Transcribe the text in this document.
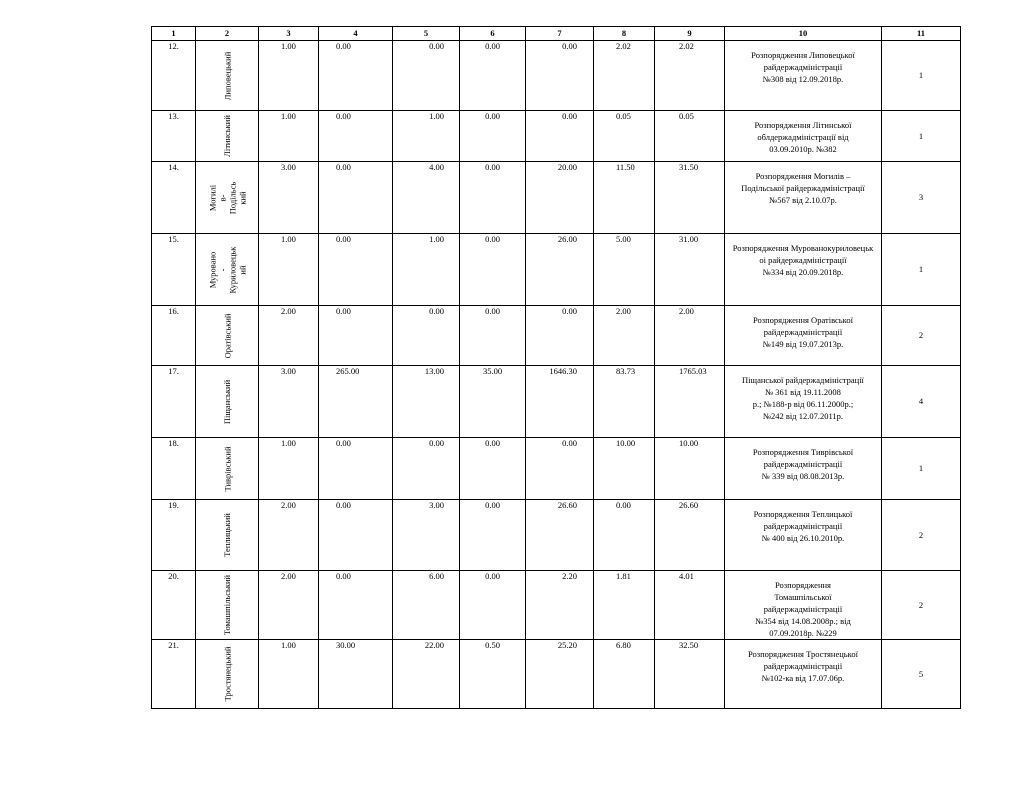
1	2	3	4	5	6	7	8	9	10	11
12.	Липовецький	1.00	0.00	0.00	0.00	0.00	2.02	2.02	Розпорядження Липовецької
райдержадміністрації
№308 від 12.09.2018р.	1
13.	Літинський	1.00	0.00	1.00	0.00	0.00	0.05	0.05	Розпорядження Літинської
облдержадміністрації від
03.09.2010р. №382	1
14.	Могилі
в-
Подільсь
кий	3.00	0.00	4.00	0.00	20.00	11.50	31.50	Розпорядження Могилів –
Подільської райдержадміністрації
№567 від 2.10.07р.	3
15.	Муровано
-
Куриловецьк
ий	1.00	0.00	1.00	0.00	26.00	5.00	31.00	Розпорядження Мурованокуриловецьк
оі райдержадміністрації
№334 від 20.09.2018р.	1
16.	Оратівський	2.00	0.00	0.00	0.00	0.00	2.00	2.00	Розпорядження Оратівської
райдержадміністрації
№149 від 19.07.2013р.	2
17.	Піщанський	3.00	265.00	13.00	35.00	1646.30	83.73	1765.03	Піщанської райдержадміністрації
№ 361 від 19.11.2008
р.; №188-р від 06.11.2000р.;
№242 від 12.07.2011р.	4
18.	Тиврівський	1.00	0.00	0.00	0.00	0.00	10.00	10.00	Розпорядження Тиврівської
райдержадміністрації
№ 339 від 08.08.2013р.	1
19.	Теплицький	2.00	0.00	3.00	0.00	26.60	0.00	26.60	Розпорядження Теплицької
райдержадміністрації
№ 400 від 26.10.2010р.	2
20.	Томашпільський	2.00	0.00	6.00	0.00	2.20	1.81	4.01	Розпорядження
Томашпільської
райдержадміністрації
№354 від 14.08.2008р.; від
07.09.2018р. №229	2
21.	Тростянецький	1.00	30.00	22.00	0.50	25.20	6.80	32.50	Розпорядження Тростянецької
райдержадміністрації
№102-ка від 17.07.06р.	5
